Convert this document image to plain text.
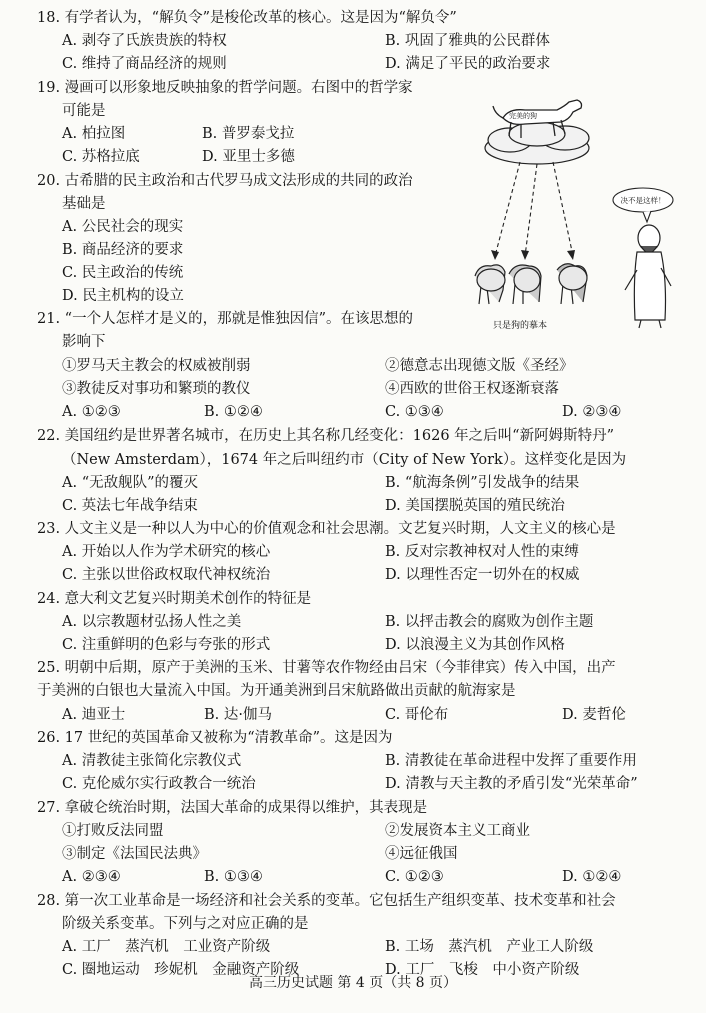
18. 有学者认为，“解负令”是梭伦改革的核心。这是因为“解负令”
A. 剥夺了氏族贵族的特权	B. 巩固了雅典的公民群体
C. 维持了商品经济的规则	D. 满足了平民的政治要求
19. 漫画可以形象地反映抽象的哲学问题。右图中的哲学家
可能是
A. 柏拉图	B. 普罗泰戈拉
C. 苏格拉底	D. 亚里士多德
20. 古希腊的民主政治和古代罗马成文法形成的共同的政治
基础是
A. 公民社会的现实
B. 商品经济的要求
C. 民主政治的传统
D. 民主机构的设立
21. “一个人怎样才是义的，那就是惟独因信”。在该思想的
影响下
①罗马天主教会的权威被削弱	②德意志出现德文版《圣经》
③教徒反对事功和繁琐的教仪	④西欧的世俗王权逐渐衰落
A. ①②③	B. ①②④	C. ①③④	D. ②③④
22. 美国纽约是世界著名城市，在历史上其名称几经变化：1626 年之后叫“新阿姆斯特丹”
（New Amsterdam），1674 年之后叫纽约市（City of New York）。这样变化是因为
A. “无敌舰队”的覆灭	B. “航海条例”引发战争的结果
C. 英法七年战争结束	D. 美国摆脱英国的殖民统治
23. 人文主义是一种以人为中心的价值观念和社会思潮。文艺复兴时期，人文主义的核心是
A. 开始以人作为学术研究的核心	B. 反对宗教神权对人性的束缚
C. 主张以世俗政权取代神权统治	D. 以理性否定一切外在的权威
24. 意大利文艺复兴时期美术创作的特征是
A. 以宗教题材弘扬人性之美	B. 以抨击教会的腐败为创作主题
C. 注重鲜明的色彩与夸张的形式	D. 以浪漫主义为其创作风格
25. 明朝中后期，原产于美洲的玉米、甘薯等农作物经由吕宋（今菲律宾）传入中国，出产
于美洲的白银也大量流入中国。为开通美洲到吕宋航路做出贡献的航海家是
A. 迪亚士	B. 达·伽马	C. 哥伦布	D. 麦哲伦
26. 17 世纪的英国革命又被称为“清教革命”。这是因为
A. 清教徒主张简化宗教仪式	B. 清教徒在革命进程中发挥了重要作用
C. 克伦威尔实行政教合一统治	D. 清教与天主教的矛盾引发“光荣革命”
27. 拿破仑统治时期，法国大革命的成果得以维护，其表现是
①打败反法同盟	②发展资本主义工商业
③制定《法国民法典》	④远征俄国
A. ②③④	B. ①③④	C. ①②③	D. ①②④
28. 第一次工业革命是一场经济和社会关系的变革。它包括生产组织变革、技术变革和社会
阶级关系变革。下列与之对应正确的是
A. 工厂　蒸汽机　工业资产阶级	B. 工场　蒸汽机　产业工人阶级
C. 圈地运动　珍妮机　金融资产阶级	D. 工厂　飞梭　中小资产阶级
完美的狗
只是狗的摹本
决不是这样！
高三历史试题 第 4 页（共 8 页）
